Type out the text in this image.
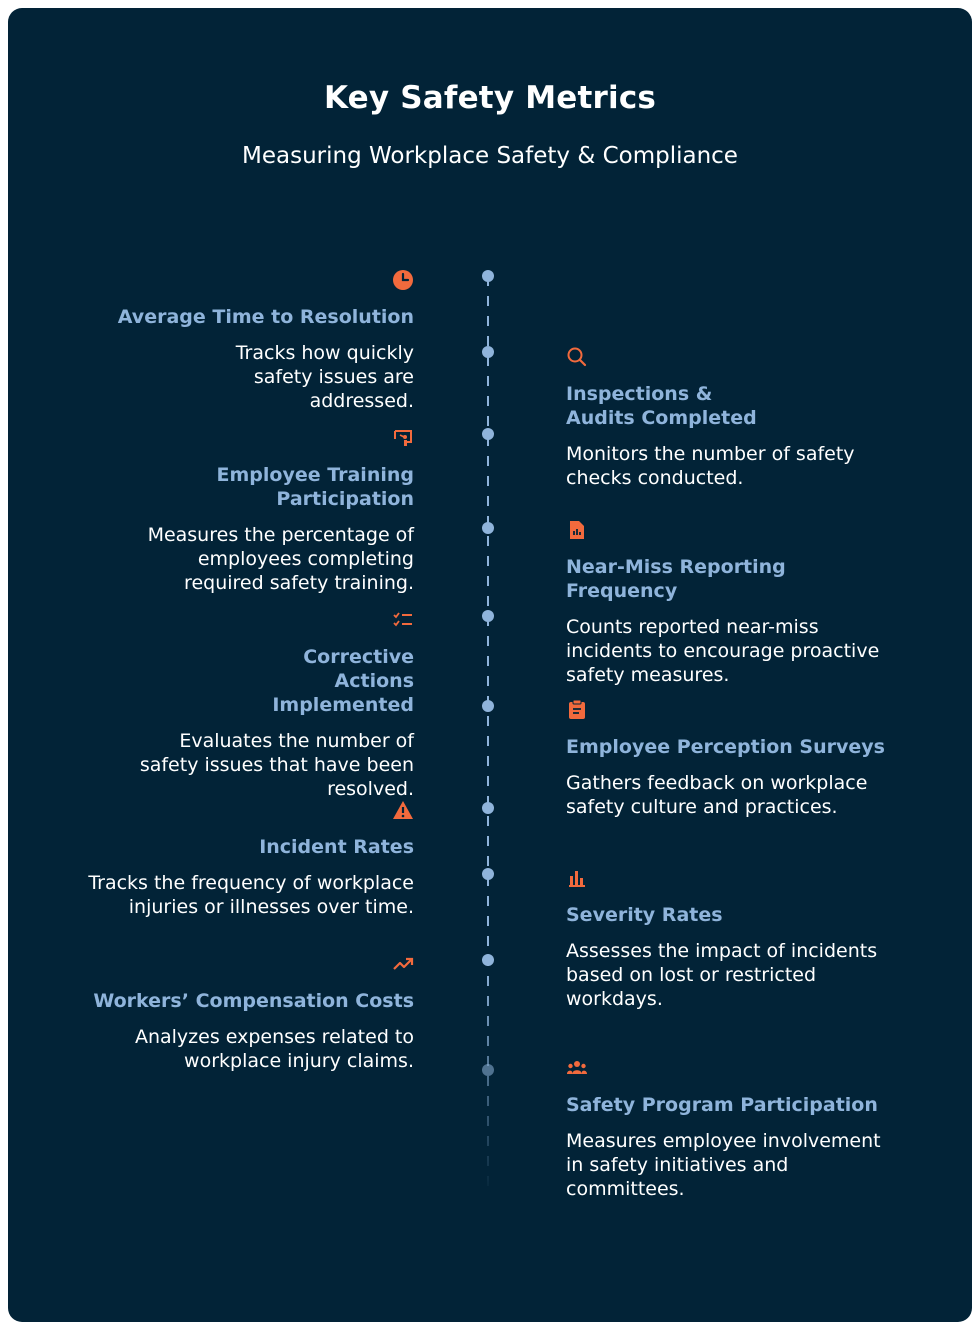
Key Safety Metrics
Measuring Workplace Safety & Compliance
Average Time to Resolution
Tracks how quickly safety issues are addressed.	Inspections & Audits Completed
Monitors the number of safety checks conducted.
Employee Training Participation
Measures the percentage of employees completing required safety training.
Near-Miss Reporting Frequency
Counts reported near-miss incidents to encourage proactive safety measures.
Corrective Actions Implemented
Evaluates the number of safety issues that have been resolved.
Employee Perception Surveys
Gathers feedback on workplace safety culture and practices.
Incident Rates
Tracks the frequency of workplace injuries or illnesses over time.	Severity Rates
Assesses the impact of incidents based on lost or restricted workdays.
Workers’ Compensation Costs
Analyzes expenses related to workplace injury claims.
Safety Program Participation
Measures employee involvement in safety initiatives and committees.
